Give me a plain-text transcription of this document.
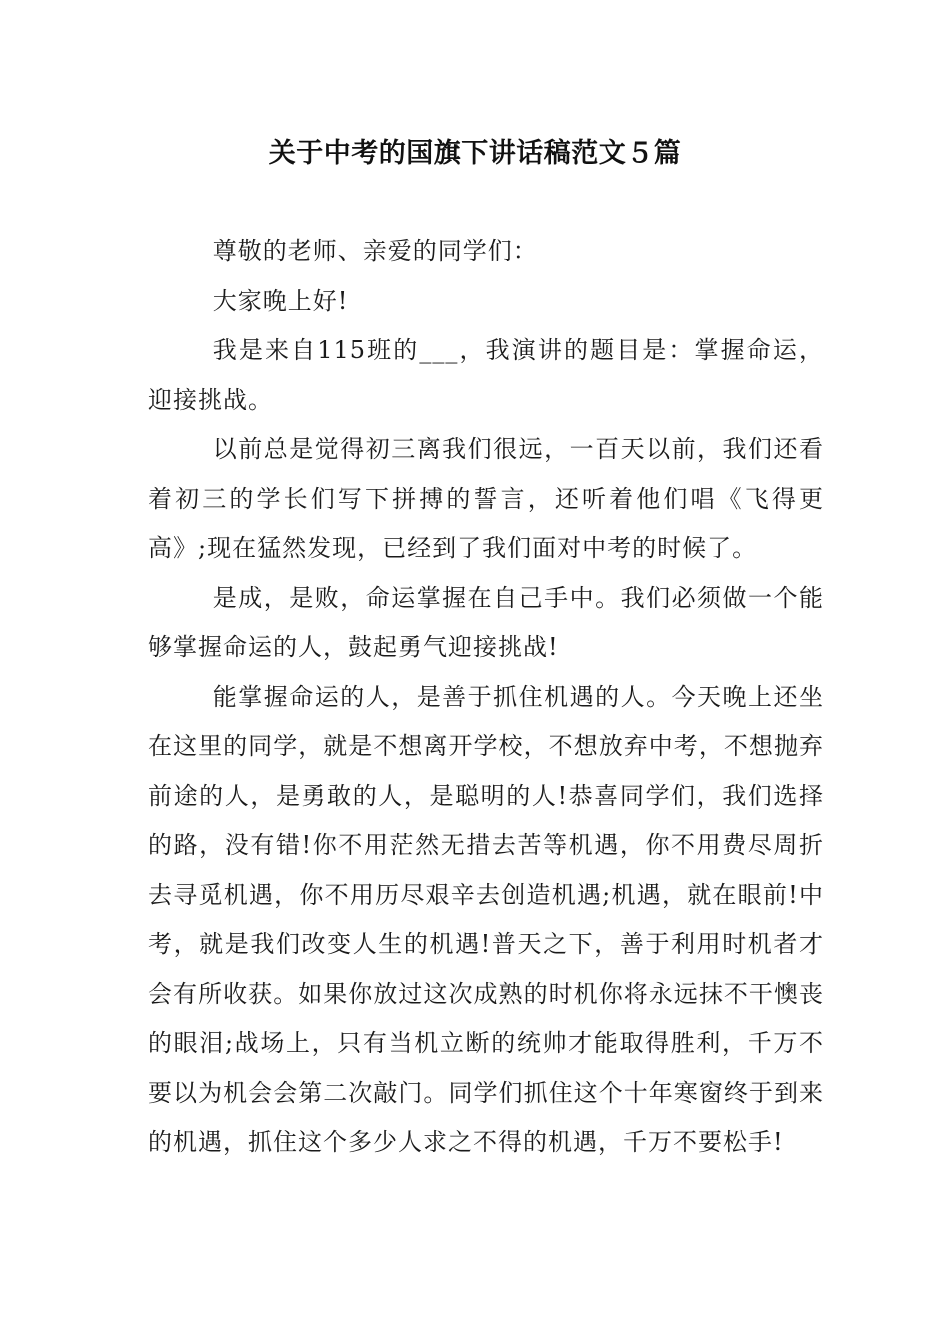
关于中考的国旗下讲话稿范文５篇

尊敬的老师、亲爱的同学们：

大家晚上好!

我是来自115班的___，我演讲的题目是：掌握命运，迎接挑战。

以前总是觉得初三离我们很远，一百天以前，我们还看着初三的学长们写下拼搏的誓言，还听着他们唱《飞得更高》;现在猛然发现，已经到了我们面对中考的时候了。

是成，是败，命运掌握在自己手中。我们必须做一个能够掌握命运的人，鼓起勇气迎接挑战!

能掌握命运的人，是善于抓住机遇的人。今天晚上还坐在这里的同学，就是不想离开学校，不想放弃中考，不想抛弃前途的人，是勇敢的人，是聪明的人!恭喜同学们，我们选择的路，没有错!你不用茫然无措去苦等机遇，你不用费尽周折去寻觅机遇，你不用历尽艰辛去创造机遇;机遇，就在眼前!中考，就是我们改变人生的机遇!普天之下，善于利用时机者才会有所收获。如果你放过这次成熟的时机你将永远抹不干懊丧的眼泪;战场上，只有当机立断的统帅才能取得胜利，千万不要以为机会会第二次敲门。同学们抓住这个十年寒窗终于到来的机遇，抓住这个多少人求之不得的机遇，千万不要松手!
